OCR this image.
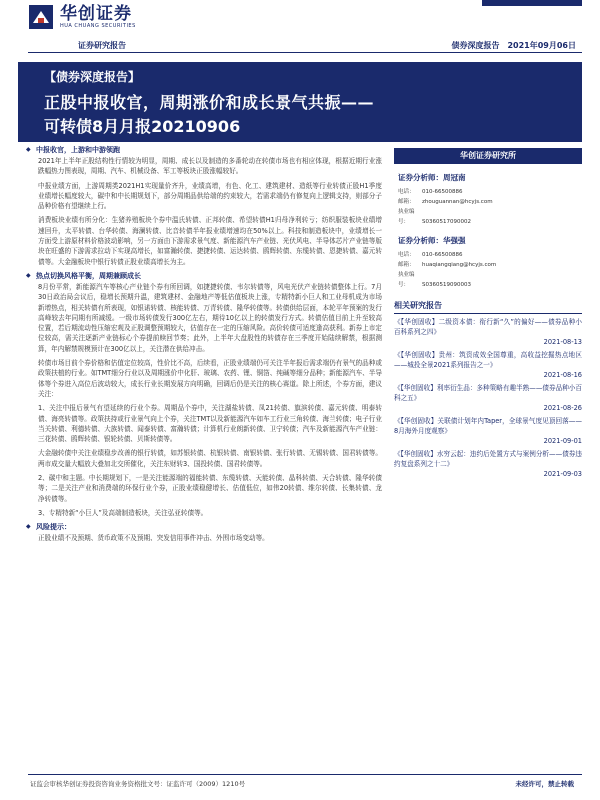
华创证券
HUA CHUANG SECURITIES
证券研究报告	债券深度报告　2021年09月06日
【债券深度报告】
正股中报收官，周期涨价和成长景气共振——
可转债8月月报20210906
◆ 中报收官，上游和中游领跑
2021年上半年正股结构性行情较为明显，周期、成长以及制造的多番轮动在转债市场也有相应体现，根据近期行业涨跌幅热力图表现，周期、汽车、机械设备、军工等板块正股涨幅较好。
中报业绩方面，上游周期类2021H1实现量价齐升，业绩高增，有色、化工、建筑建材、造纸等行业转债正股H1季度业绩增长幅度较大，碳中和中长期规划下，部分周期品供给端的约束较大，若需求端仍有修复向上逻辑支持，则部分子品种价格有望继续上行。
消费板块业绩有所分化：生猪养殖板块个券中温氏转债、正邦转债、希望转债H1归母净利转亏；纺织服装板块业绩增速回升，太平转债、台华转债、海澜转债、比音转债半年报业绩增速均在50%以上。科技和制造板块中，业绩增长一方面受上游原材料价格波动影响，另一方面由下游需求景气度、新能源汽车产业链、光伏风电、半导体芯片产业链等版块在旺盛的下游需求拉动下实现高增长，如富瀚转债、捷捷转债、运达转债、鸥辉转债、东缆转债、恩捷转债、嘉元转债等。大金融板块中银行转债正股业绩高增长为主。
◆ 热点切换风格平衡，周期兼顾成长
8月份平常，新能源汽车等核心产业链个券有所回调，如捷捷转债、韦尔转债等，风电光伏产业链转债整体上行。7月30日政治局会议后，稳增长预期升温，建筑建材、金融地产等低估值板块上涨，专精特新小巨人和工业母机成为市场新增热点，相关转债有所表现，如银诺转债、核能转债、万青转债、隆华转债等。转债供给层面，本轮平年预案的发行高峰较去年同期有所减缓。一级市场转债发行300亿左右，期待10亿以上的转债发行方式。转债估值目前上升至较高位置，若后期流动性压缩宏观及正股调整预期较大，估值存在一定的压缩风险。高价转债可适度逢高获利。新券上市定位较高，需关注逐新产业链标心个券提前赎回节奏；此外，上半年大盘股性的转债存在三季度开始陆续解禁，根据测算，年内解禁规模预计在300亿以上，关注潜在供给冲击。
转债市场目前个券价格和估值定位较高，性价比不高，后续看，正股业绩端仍可关注半年报后需求端仍有景气的品种或政策扶植的行业。如TMT细分行业以及周期涨价中化肝、玻璃、农药、锂、铜箔、纯碱等细分品种；新能源汽车、半导体等个券进入高位后波动较大，成长行业长期发展方向明确，回调后仍是关注的核心赛道。除上所述，个券方面，建议关注：
1、关注中报后景气有望延续的行业个券。周期品个券中，关注湖盐转债、凤21转债、旗滨转债、嘉元转债、明泰转债、海亮转债等。政策扶持或行业景气向上个券，关注TMT以及新能源汽车如车工行业三角转债、海兰转债；电子行业当关转债、利德转债、大族转债、闻泰转债、富瀚转债；计算机行业朗新转债、卫宁转债；汽车及新能源汽车产业链：三花转债、鸥辉转债、银轮转债、贝斯转债等。
大金融转债中关注业绩稳步改善的银行转债，如苏银转债、杭银转债、南银转债、张行转债、无锡转债、国君转债等。两市成交量大幅放大叠加北交所催化，关注东财转3、国投转债、国君转债等。
2、碳中和主题。中长期规划下，一是关注能源端的福能转债、东缆转债、天能转债、晶科转债、天合转债、隆华转债等；二是关注产业和消费端的环保行业个券，正股业绩稳健增长、估值低位，如伟20转债、维尔转债、长集转债、龙净转债等。
3、专精特新“小巨人”及高端制造板块，关注弘亚转债等。
◆ 风险提示：
正股业绩不及预期、货币政策不及预期、突发信用事件冲击、外围市场变动等。
华创证券研究所
证券分析师：周冠南
电话： 010-66500886
邮箱： zhouguannan@hcyjs.com
执业编号： S0360517090002
证券分析师：华强强
电话： 010-66500886
邮箱： huaqiangqiang@hcyjs.com
执业编号： S0360519090003
相关研究报告
《【华创固收】二级资本债：衔行新“久”的偏好——债券品种小百科系列之四》
2021-08-13
《【华创固收】贵州：筑资成效全国尊重，高收益挖掘热点地区——城投全景2021系列报告之一》
2021-08-16
《【华创固收】利率衍生品：多种策略有趣半熟——债券品种小百科之五》
2021-08-26
《【华创固收】关联债计划年内Taper，全球景气度见顶回落——8月海外月度观察》
2021-09-01
《【华创固收】水穷云起：违约后处置方式与案例分析——债券违约复盘系列之十二》
2021-09-03
证监会审核华创证券投资咨询业务资格批文号：证监许可（2009）1210号	未经许可，禁止转载
